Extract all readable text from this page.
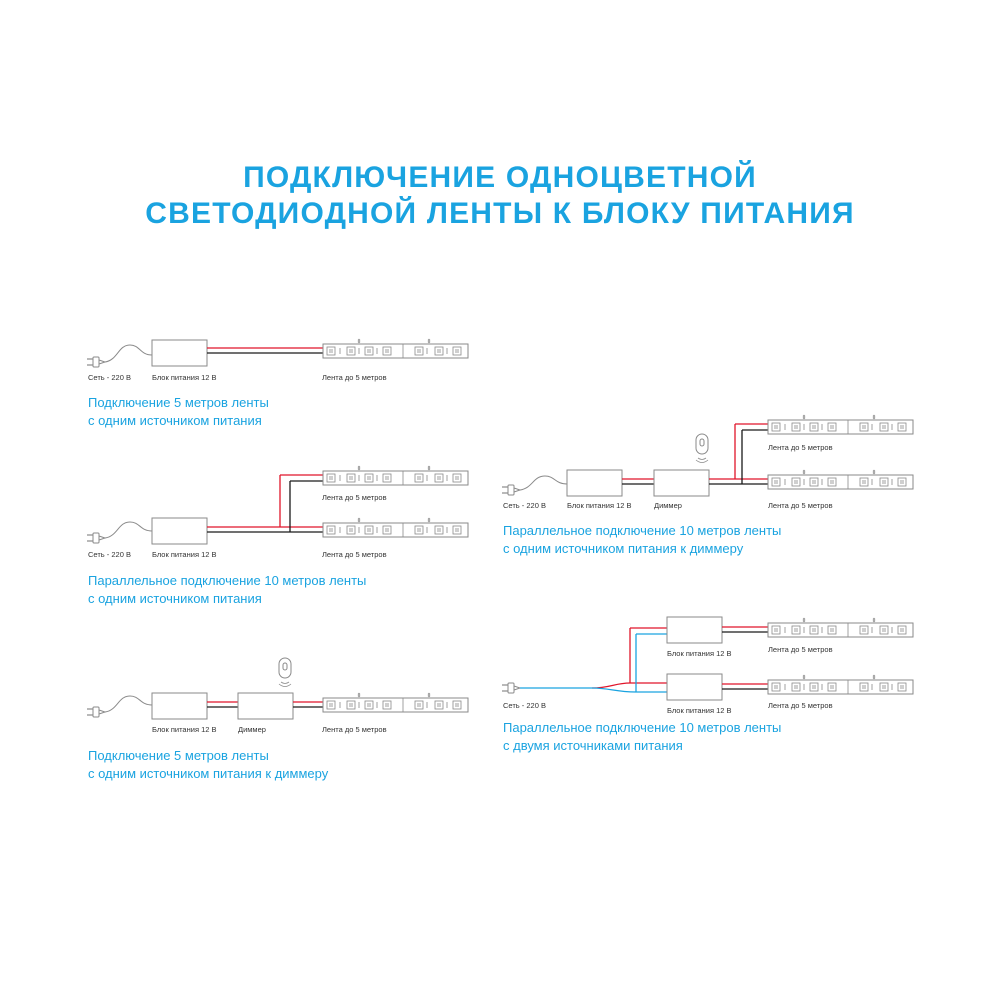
ПОДКЛЮЧЕНИЕ ОДНОЦВЕТНОЙ
СВЕТОДИОДНОЙ ЛЕНТЫ К БЛОКУ ПИТАНИЯ
Сеть - 220 В	Блок питания 12 В	Лента до 5 метров
Лента до 5 метров
Сеть - 220 В	Блок питания 12 В	Лента до 5 метров
Блок питания 12 В	Диммер	Лента до 5 метров
Лента до 5 метров
Сеть - 220 В	Блок питания 12 В	Диммер	Лента до 5 метров
Блок питания 12 В	Лента до 5 метров
Сеть - 220 В
Блок питания 12 В
Лента до 5 метров
Подключение 5 метров ленты
с одним источником питания
Параллельное подключение 10 метров ленты
с одним источником питания
Подключение 5 метров ленты
с одним источником питания к диммеру
Параллельное подключение 10 метров ленты
с одним источником питания к диммеру
Параллельное подключение 10 метров ленты
с двумя источниками питания
